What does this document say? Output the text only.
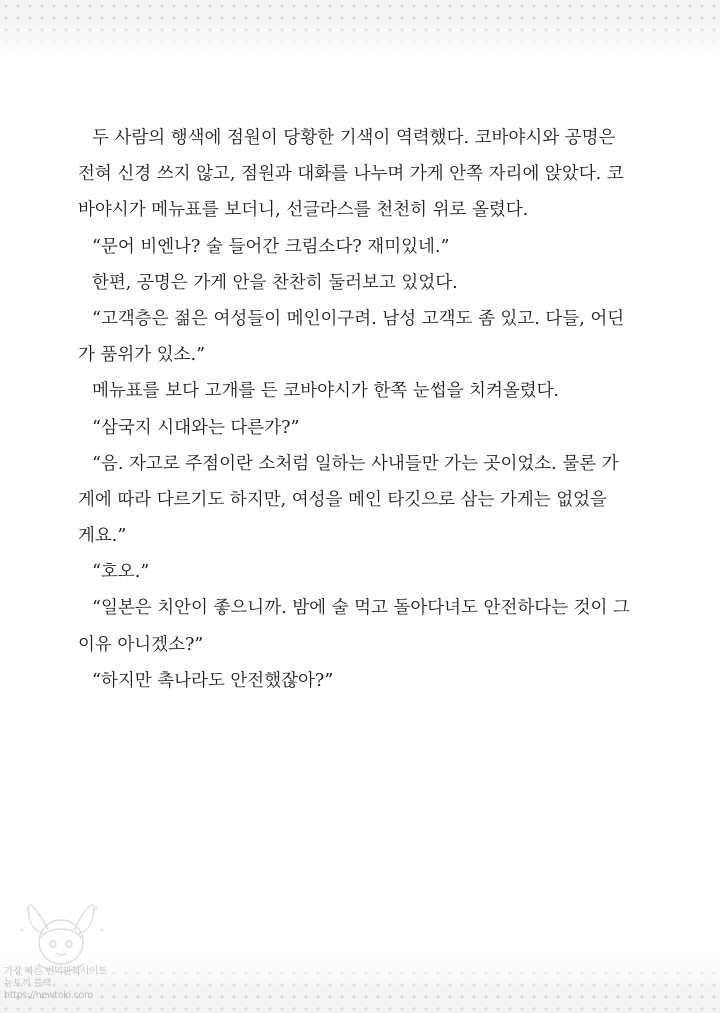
두 사람의 행색에 점원이 당황한 기색이 역력했다. 코바야시와 공명은
전혀 신경 쓰지 않고, 점원과 대화를 나누며 가게 안쪽 자리에 앉았다. 코
바야시가 메뉴표를 보더니, 선글라스를 천천히 위로 올렸다.
“문어 비엔나? 술 들어간 크림소다? 재미있네.”
한편, 공명은 가게 안을 찬찬히 둘러보고 있었다.
“고객층은 젊은 여성들이 메인이구려. 남성 고객도 좀 있고. 다들, 어딘
가 품위가 있소.”
메뉴표를 보다 고개를 든 코바야시가 한쪽 눈썹을 치켜올렸다.
“삼국지 시대와는 다른가?”
“음. 자고로 주점이란 소처럼 일하는 사내들만 가는 곳이었소. 물론 가
게에 따라 다르기도 하지만, 여성을 메인 타깃으로 삼는 가게는 없었을
게요.”
“호오.”
“일본은 치안이 좋으니까. 밤에 술 먹고 돌아다녀도 안전하다는 것이 그
이유 아니겠소?”
“하지만 촉나라도 안전했잖아?”
가장 빠른 번역만화사이트
뉴토끼 블랙
https://newtoki.com
